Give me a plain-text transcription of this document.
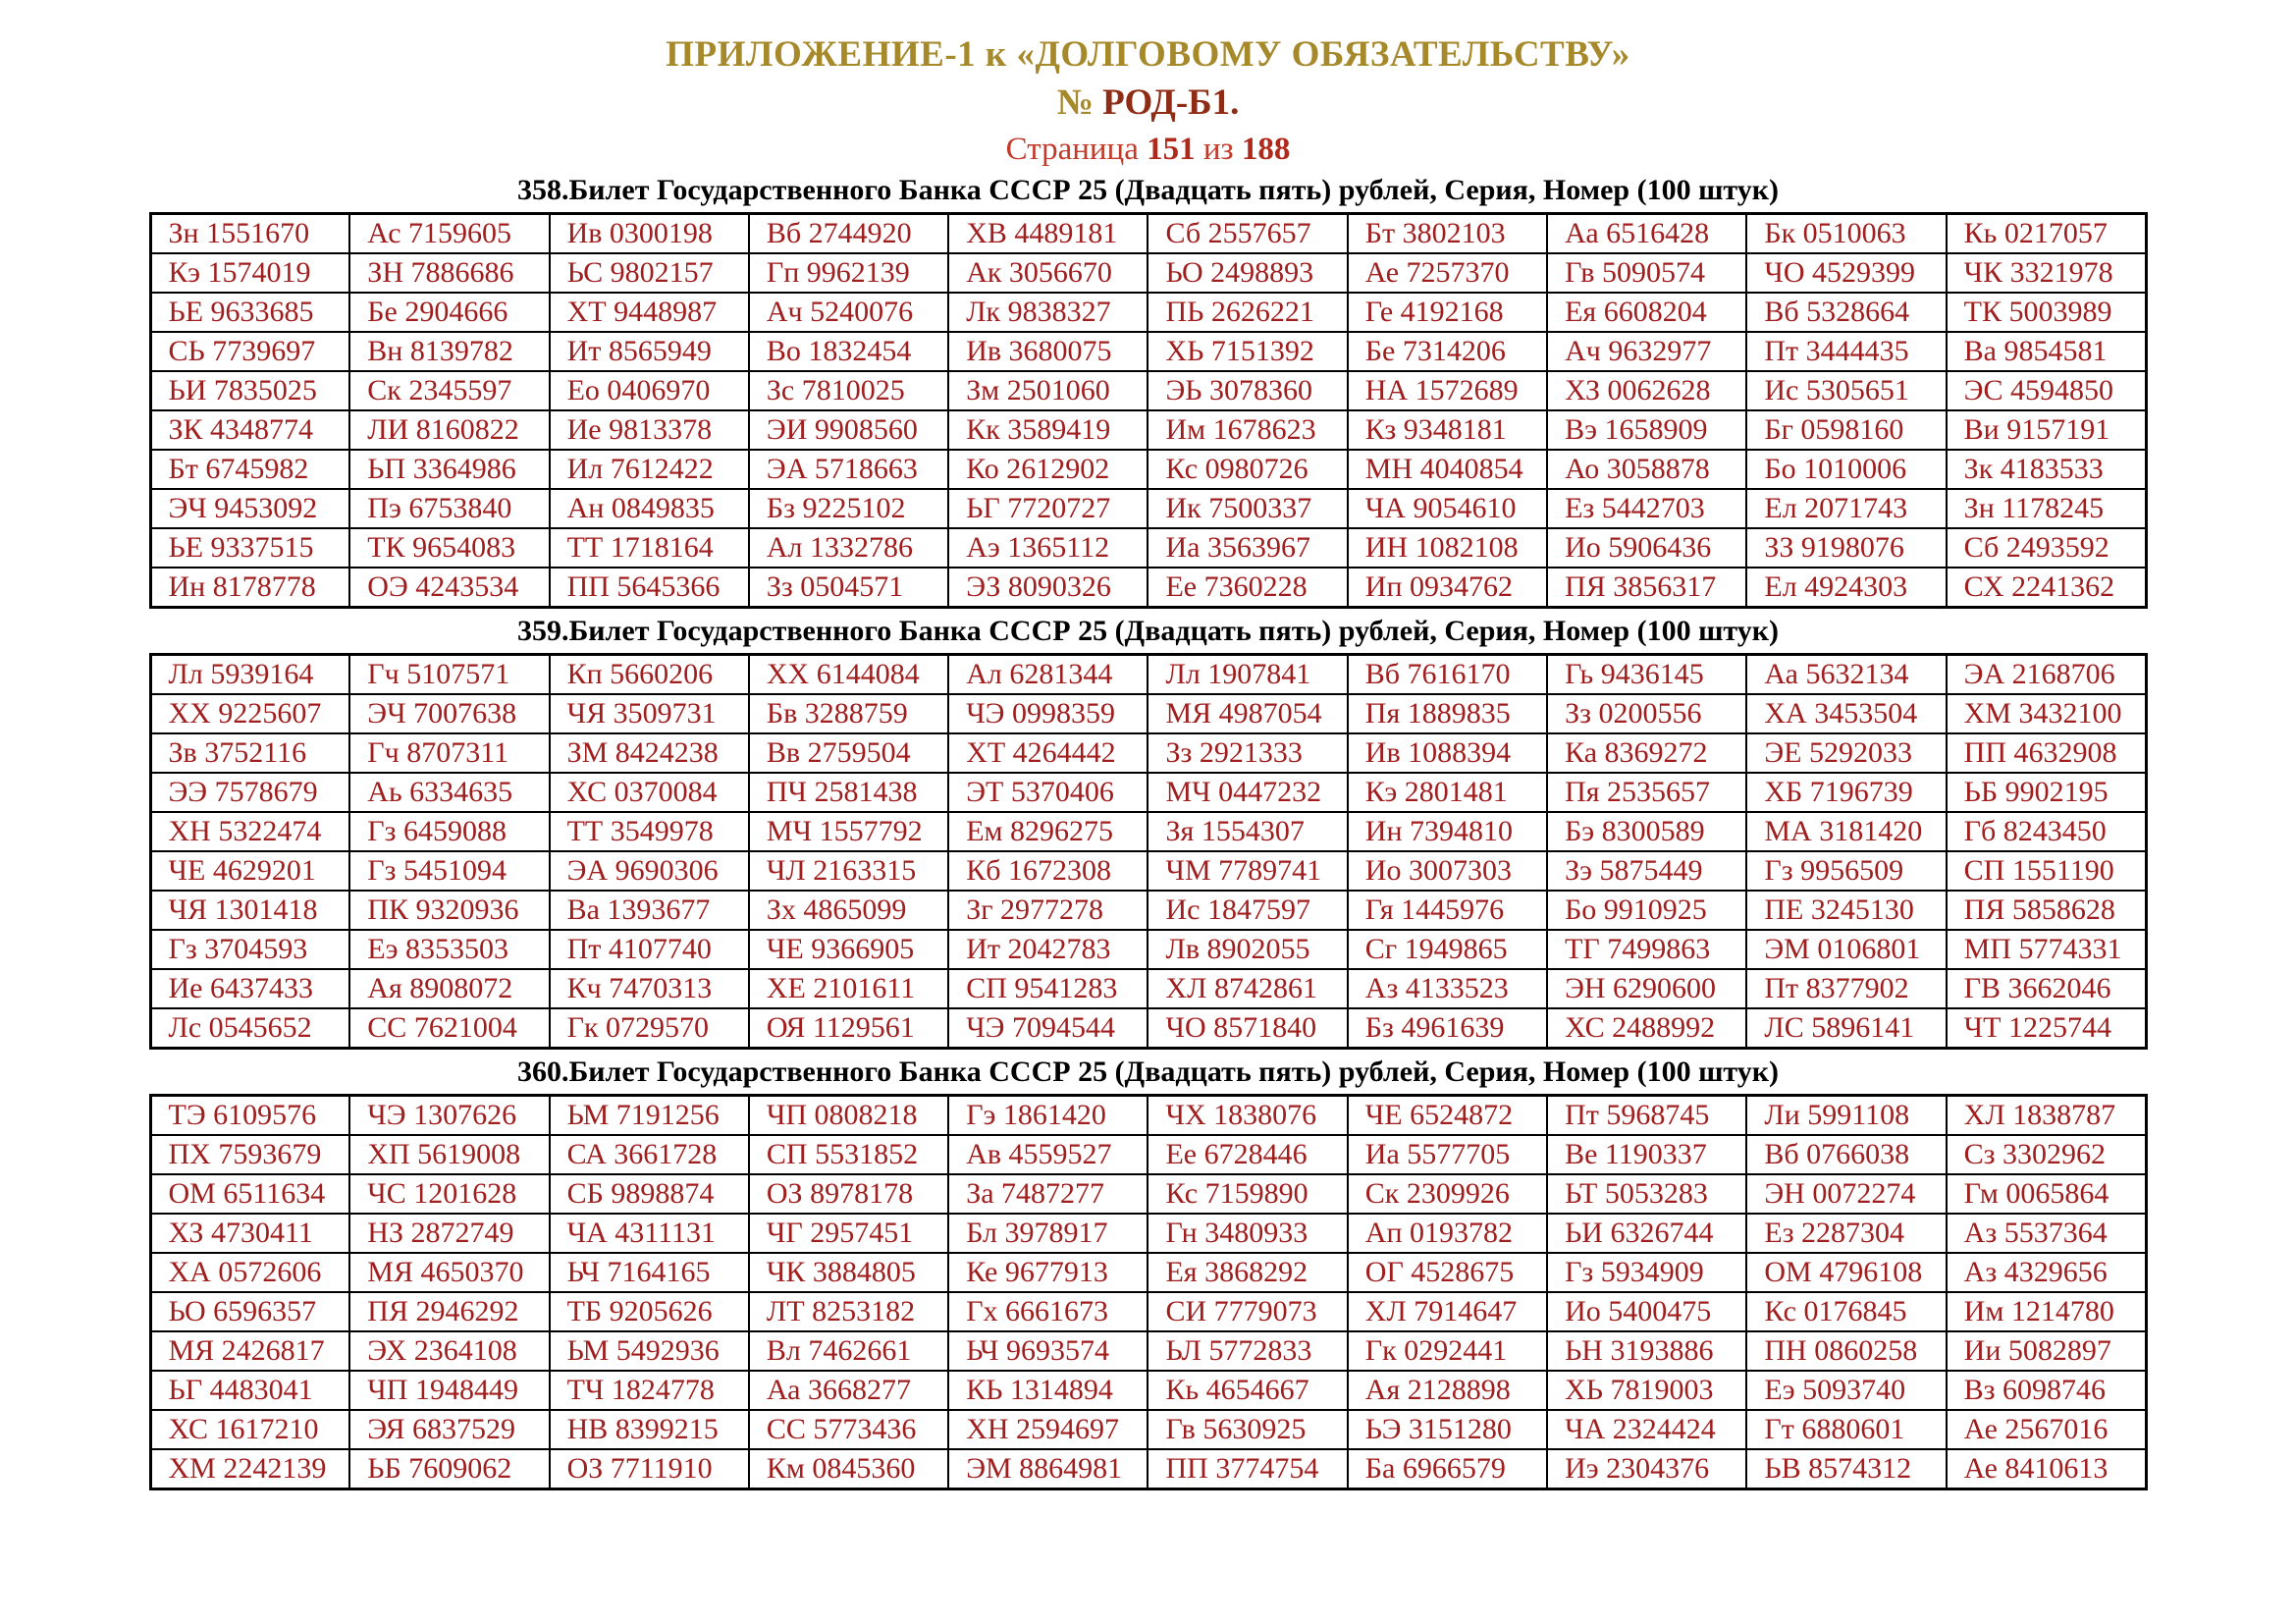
ПРИЛОЖЕНИЕ-1 к «ДОЛГОВОМУ ОБЯЗАТЕЛЬСТВУ»
№ РОД-Б1.
Страница 151 из 188
358.Билет Государственного Банка СССР 25 (Двадцать пять) рублей, Серия, Номер (100 штук)
Зн 1551670	Ас 7159605	Ив 0300198	Вб 2744920	ХВ 4489181	Сб 2557657	Бт 3802103	Аа 6516428	Бк 0510063	Кь 0217057
Кэ 1574019	ЗН 7886686	ЬС 9802157	Гп 9962139	Ак 3056670	ЬО 2498893	Ае 7257370	Гв 5090574	ЧО 4529399	ЧК 3321978
ЬЕ 9633685	Бе 2904666	ХТ 9448987	Ач 5240076	Лк 9838327	ПЬ 2626221	Ге 4192168	Ея 6608204	Вб 5328664	ТК 5003989
СЬ 7739697	Вн 8139782	Ит 8565949	Во 1832454	Ив 3680075	ХЬ 7151392	Бе 7314206	Ач 9632977	Пт 3444435	Ва 9854581
ЬИ 7835025	Ск 2345597	Ео 0406970	Зс 7810025	Зм 2501060	ЭЬ 3078360	НА 1572689	ХЗ 0062628	Ис 5305651	ЭС 4594850
ЗК 4348774	ЛИ 8160822	Ие 9813378	ЭИ 9908560	Кк 3589419	Им 1678623	Кз 9348181	Вэ 1658909	Бг 0598160	Ви 9157191
Бт 6745982	ЬП 3364986	Ил 7612422	ЭА 5718663	Ко 2612902	Кс 0980726	МН 4040854	Ао 3058878	Бо 1010006	Зк 4183533
ЭЧ 9453092	Пэ 6753840	Ан 0849835	Бз 9225102	ЬГ 7720727	Ик 7500337	ЧА 9054610	Ез 5442703	Ел 2071743	Зн 1178245
ЬЕ 9337515	ТК 9654083	ТТ 1718164	Ал 1332786	Аэ 1365112	Иа 3563967	ИН 1082108	Ио 5906436	ЗЗ 9198076	Сб 2493592
Ин 8178778	ОЭ 4243534	ПП 5645366	Зз 0504571	ЭЗ 8090326	Ее 7360228	Ип 0934762	ПЯ 3856317	Ел 4924303	СХ 2241362
359.Билет Государственного Банка СССР 25 (Двадцать пять) рублей, Серия, Номер (100 штук)
Лл 5939164	Гч 5107571	Кп 5660206	ХХ 6144084	Ал 6281344	Лл 1907841	Вб 7616170	Гь 9436145	Аа 5632134	ЭА 2168706
ХХ 9225607	ЭЧ 7007638	ЧЯ 3509731	Бв 3288759	ЧЭ 0998359	МЯ 4987054	Пя 1889835	Зз 0200556	ХА 3453504	ХМ 3432100
Зв 3752116	Гч 8707311	ЗМ 8424238	Вв 2759504	ХТ 4264442	Зз 2921333	Ив 1088394	Ка 8369272	ЭЕ 5292033	ПП 4632908
ЭЭ 7578679	Аь 6334635	ХС 0370084	ПЧ 2581438	ЭТ 5370406	МЧ 0447232	Кэ 2801481	Пя 2535657	ХБ 7196739	ЬБ 9902195
ХН 5322474	Гз 6459088	ТТ 3549978	МЧ 1557792	Ем 8296275	Зя 1554307	Ин 7394810	Бэ 8300589	МА 3181420	Гб 8243450
ЧЕ 4629201	Гз 5451094	ЭА 9690306	ЧЛ 2163315	Кб 1672308	ЧМ 7789741	Ио 3007303	Зэ 5875449	Гз 9956509	СП 1551190
ЧЯ 1301418	ПК 9320936	Ва 1393677	Зх 4865099	Зг 2977278	Ис 1847597	Гя 1445976	Бо 9910925	ПЕ 3245130	ПЯ 5858628
Гз 3704593	Еэ 8353503	Пт 4107740	ЧЕ 9366905	Ит 2042783	Лв 8902055	Сг 1949865	ТГ 7499863	ЭМ 0106801	МП 5774331
Ие 6437433	Ая 8908072	Кч 7470313	ХЕ 2101611	СП 9541283	ХЛ 8742861	Аз 4133523	ЭН 6290600	Пт 8377902	ГВ 3662046
Лс 0545652	СС 7621004	Гк 0729570	ОЯ 1129561	ЧЭ 7094544	ЧО 8571840	Бз 4961639	ХС 2488992	ЛС 5896141	ЧТ 1225744
360.Билет Государственного Банка СССР 25 (Двадцать пять) рублей, Серия, Номер (100 штук)
ТЭ 6109576	ЧЭ 1307626	ЬМ 7191256	ЧП 0808218	Гэ 1861420	ЧХ 1838076	ЧЕ 6524872	Пт 5968745	Ли 5991108	ХЛ 1838787
ПХ 7593679	ХП 5619008	СА 3661728	СП 5531852	Ав 4559527	Ее 6728446	Иа 5577705	Ве 1190337	Вб 0766038	Сз 3302962
ОМ 6511634	ЧС 1201628	СБ 9898874	ОЗ 8978178	За 7487277	Кс 7159890	Ск 2309926	ЬТ 5053283	ЭН 0072274	Гм 0065864
ХЗ 4730411	НЗ 2872749	ЧА 4311131	ЧГ 2957451	Бл 3978917	Гн 3480933	Ап 0193782	ЬИ 6326744	Ез 2287304	Аз 5537364
ХА 0572606	МЯ 4650370	ЬЧ 7164165	ЧК 3884805	Ке 9677913	Ея 3868292	ОГ 4528675	Гз 5934909	ОМ 4796108	Аз 4329656
ЬО 6596357	ПЯ 2946292	ТБ 9205626	ЛТ 8253182	Гх 6661673	СИ 7779073	ХЛ 7914647	Ио 5400475	Кс 0176845	Им 1214780
МЯ 2426817	ЭХ 2364108	ЬМ 5492936	Вл 7462661	ЬЧ 9693574	ЬЛ 5772833	Гк 0292441	ЬН 3193886	ПН 0860258	Ии 5082897
ЬГ 4483041	ЧП 1948449	ТЧ 1824778	Аа 3668277	КЬ 1314894	Кь 4654667	Ая 2128898	ХЬ 7819003	Еэ 5093740	Вз 6098746
ХС 1617210	ЭЯ 6837529	НВ 8399215	СС 5773436	ХН 2594697	Гв 5630925	ЬЭ 3151280	ЧА 2324424	Гт 6880601	Ае 2567016
ХМ 2242139	ЬБ 7609062	ОЗ 7711910	Км 0845360	ЭМ 8864981	ПП 3774754	Ба 6966579	Иэ 2304376	ЬВ 8574312	Ае 8410613
